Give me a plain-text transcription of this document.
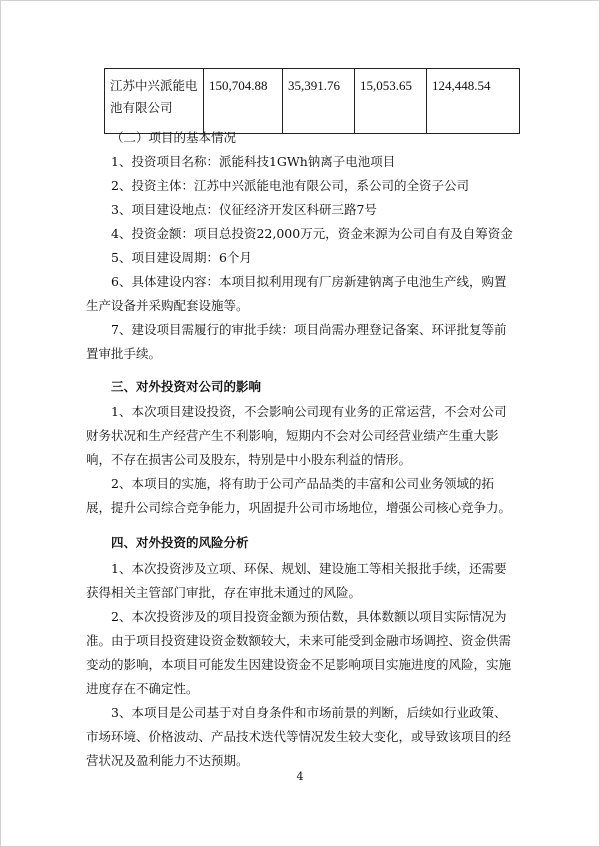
江苏中兴派能电池有限公司	150,704.88	35,391.76	15,053.65	124,448.54

（二）项目的基本情况

1、投资项目名称：派能科技1GWh钠离子电池项目

2、投资主体：江苏中兴派能电池有限公司，系公司的全资子公司

3、项目建设地点：仪征经济开发区科研三路7号

4、投资金额：项目总投资22,000万元，资金来源为公司自有及自筹资金

5、项目建设周期：6个月

6、具体建设内容：本项目拟利用现有厂房新建钠离子电池生产线，购置生产设备并采购配套设施等。

7、建设项目需履行的审批手续：项目尚需办理登记备案、环评批复等前置审批手续。

三、对外投资对公司的影响

1、本次项目建设投资，不会影响公司现有业务的正常运营，不会对公司财务状况和生产经营产生不利影响，短期内不会对公司经营业绩产生重大影响，不存在损害公司及股东，特别是中小股东利益的情形。

2、本项目的实施，将有助于公司产品品类的丰富和公司业务领域的拓展，提升公司综合竞争能力，巩固提升公司市场地位，增强公司核心竞争力。

四、对外投资的风险分析

1、本次投资涉及立项、环保、规划、建设施工等相关报批手续，还需要获得相关主管部门审批，存在审批未通过的风险。

2、本次投资涉及的项目投资金额为预估数，具体数额以项目实际情况为准。由于项目投资建设资金数额较大，未来可能受到金融市场调控、资金供需变动的影响，本项目可能发生因建设资金不足影响项目实施进度的风险，实施进度存在不确定性。

3、本项目是公司基于对自身条件和市场前景的判断，后续如行业政策、市场环境、价格波动、产品技术迭代等情况发生较大变化，或导致该项目的经营状况及盈利能力不达预期。

4
